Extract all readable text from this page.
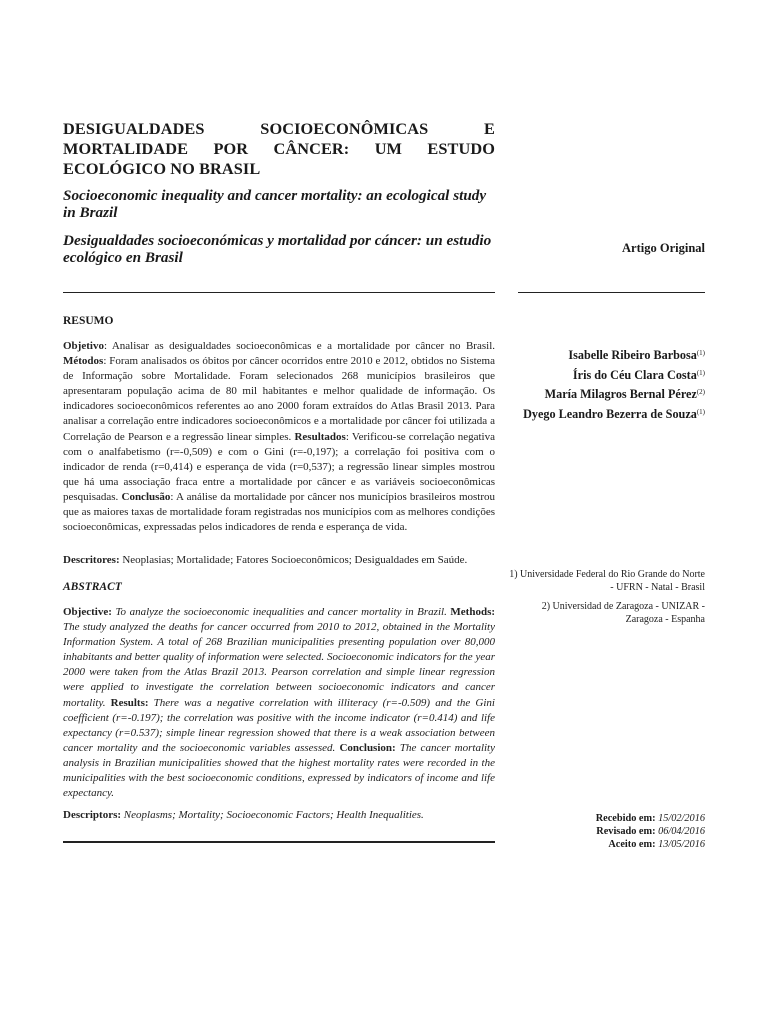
DESIGUALDADES SOCIOECONÔMICAS E MORTALIDADE POR CÂNCER: UM ESTUDO ECOLÓGICO NO BRASIL
Socioeconomic inequality and cancer mortality: an ecological study in Brazil
Desigualdades socioeconómicas y mortalidad por cáncer: un estudio ecológico en Brasil
Artigo Original
RESUMO
Objetivo: Analisar as desigualdades socioeconômicas e a mortalidade por câncer no Brasil. Métodos: Foram analisados os óbitos por câncer ocorridos entre 2010 e 2012, obtidos no Sistema de Informação sobre Mortalidade. Foram selecionados 268 municípios brasileiros que apresentaram população acima de 80 mil habitantes e melhor qualidade de informação. Os indicadores socioeconômicos referentes ao ano 2000 foram extraídos do Atlas Brasil 2013. Para analisar a correlação entre indicadores socioeconômicos e a mortalidade por câncer foi utilizada a Correlação de Pearson e a regressão linear simples. Resultados: Verificou-se correlação negativa com o analfabetismo (r=-0,509) e com o Gini (r=-0,197); a correlação foi positiva com o indicador de renda (r=0,414) e esperança de vida (r=0,537); a regressão linear simples mostrou que há uma associação fraca entre a mortalidade por câncer e as variáveis socioeconômicas pesquisadas. Conclusão: A análise da mortalidade por câncer nos municípios brasileiros mostrou que as maiores taxas de mortalidade foram registradas nos municípios com as melhores condições socioeconômicas, expressadas pelos indicadores de renda e esperança de vida.
Descritores: Neoplasias; Mortalidade; Fatores Socioeconômicos; Desigualdades em Saúde.
ABSTRACT
Objective: To analyze the socioeconomic inequalities and cancer mortality in Brazil. Methods: The study analyzed the deaths for cancer occurred from 2010 to 2012, obtained in the Mortality Information System. A total of 268 Brazilian municipalities presenting population over 80,000 inhabitants and better quality of information were selected. Socioeconomic indicators for the year 2000 were taken from the Atlas Brazil 2013. Pearson correlation and simple linear regression were applied to investigate the correlation between socioeconomic indicators and cancer mortality. Results: There was a negative correlation with illiteracy (r=-0.509) and the Gini coefficient (r=-0.197); the correlation was positive with the income indicator (r=0.414) and life expectancy (r=0.537); simple linear regression showed that there is a weak association between cancer mortality and the socioeconomic variables assessed. Conclusion: The cancer mortality analysis in Brazilian municipalities showed that the highest mortality rates were recorded in the municipalities with the best socioeconomic conditions, expressed by indicators of income and life expectancy.
Descriptors: Neoplasms; Mortality; Socioeconomic Factors; Health Inequalities.
Isabelle Ribeiro Barbosa$^{(1)}$
Íris do Céu Clara Costa$^{(1)}$
María Milagros Bernal Pérez$^{(2)}$
Dyego Leandro Bezerra de Souza$^{(1)}$
1) Universidade Federal do Rio Grande do Norte - UFRN - Natal - Brasil
2) Universidad de Zaragoza - UNIZAR - Zaragoza - Espanha
Recebido em: 15/02/2016
Revisado em: 06/04/2016
Aceito em: 13/05/2016
